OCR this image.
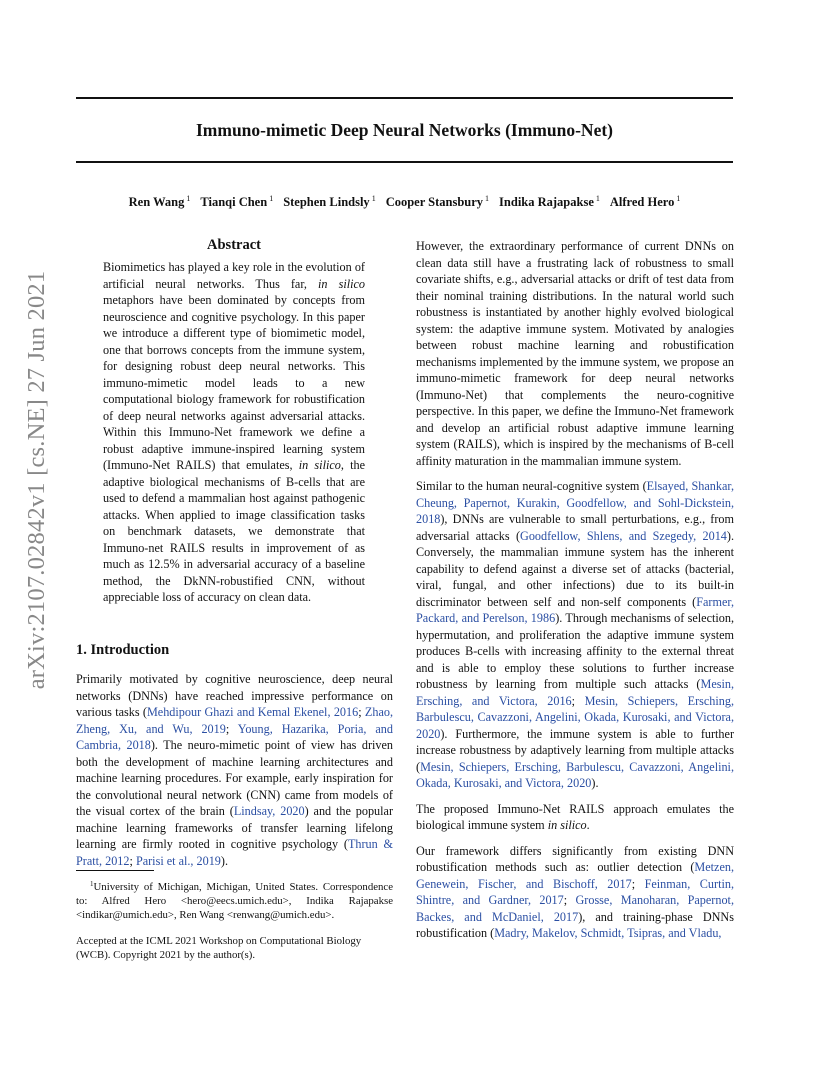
arXiv:2107.02842v1 [cs.NE] 27 Jun 2021
Immuno-mimetic Deep Neural Networks (Immuno-Net)
Ren Wang $^1$ Tianqi Chen $^1$ Stephen Lindsly $^1$ Cooper Stansbury $^1$ Indika Rajapakse $^1$ Alfred Hero $^1$
Abstract
Biomimetics has played a key role in the evolution of artificial neural networks. Thus far, in silico metaphors have been dominated by concepts from neuroscience and cognitive psychology. In this paper we introduce a different type of biomimetic model, one that borrows concepts from the immune system, for designing robust deep neural networks. This immuno-mimetic model leads to a new computational biology framework for robustification of deep neural networks against adversarial attacks. Within this Immuno-Net framework we define a robust adaptive immune-inspired learning system (Immuno-Net RAILS) that emulates, in silico, the adaptive biological mechanisms of B-cells that are used to defend a mammalian host against pathogenic attacks. When applied to image classification tasks on benchmark datasets, we demonstrate that Immuno-net RAILS results in improvement of as much as 12.5% in adversarial accuracy of a baseline method, the DkNN-robustified CNN, without appreciable loss of accuracy on clean data.
1. Introduction
Primarily motivated by cognitive neuroscience, deep neural networks (DNNs) have reached impressive performance on various tasks (Mehdipour Ghazi and Kemal Ekenel, 2016; Zhao, Zheng, Xu, and Wu, 2019; Young, Hazarika, Poria, and Cambria, 2018). The neuro-mimetic point of view has driven both the development of machine learning architectures and machine learning procedures. For example, early inspiration for the convolutional neural network (CNN) came from models of the visual cortex of the brain (Lindsay, 2020) and the popular machine learning frameworks of transfer learning lifelong learning are firmly rooted in cognitive psychology (Thrun & Pratt, 2012; Parisi et al., 2019).
$^1$University of Michigan, Michigan, United States. Correspondence to: Alfred Hero <hero@eecs.umich.edu>, Indika Rajapakse <indikar@umich.edu>, Ren Wang <renwang@umich.edu>.
Accepted at the ICML 2021 Workshop on Computational Biology (WCB). Copyright 2021 by the author(s).
However, the extraordinary performance of current DNNs on clean data still have a frustrating lack of robustness to small covariate shifts, e.g., adversarial attacks or drift of test data from their nominal training distributions. In the natural world such robustness is instantiated by another highly evolved biological system: the adaptive immune system. Motivated by analogies between robust machine learning and robustification mechanisms implemented by the immune system, we propose an immuno-mimetic framework for deep neural networks (Immuno-Net) that complements the neuro-cognitive perspective. In this paper, we define the Immuno-Net framework and develop an artificial robust adaptive immune learning system (RAILS), which is inspired by the mechanisms of B-cell affinity maturation in the mammalian immune system.
Similar to the human neural-cognitive system (Elsayed, Shankar, Cheung, Papernot, Kurakin, Goodfellow, and Sohl-Dickstein, 2018), DNNs are vulnerable to small perturbations, e.g., from adversarial attacks (Goodfellow, Shlens, and Szegedy, 2014). Conversely, the mammalian immune system has the inherent capability to defend against a diverse set of attacks (bacterial, viral, fungal, and other infections) due to its built-in discriminator between self and non-self components (Farmer, Packard, and Perelson, 1986). Through mechanisms of selection, hypermutation, and proliferation the adaptive immune system produces B-cells with increasing affinity to the external threat and is able to employ these solutions to further increase robustness by learning from multiple such attacks (Mesin, Ersching, and Victora, 2016; Mesin, Schiepers, Ersching, Barbulescu, Cavazzoni, Angelini, Okada, Kurosaki, and Victora, 2020). Furthermore, the immune system is able to further increase robustness by adaptively learning from multiple attacks (Mesin, Schiepers, Ersching, Barbulescu, Cavazzoni, Angelini, Okada, Kurosaki, and Victora, 2020).
The proposed Immuno-Net RAILS approach emulates the biological immune system in silico.
Our framework differs significantly from existing DNN robustification methods such as: outlier detection (Metzen, Genewein, Fischer, and Bischoff, 2017; Feinman, Curtin, Shintre, and Gardner, 2017; Grosse, Manoharan, Papernot, Backes, and McDaniel, 2017), and training-phase DNNs robustification (Madry, Makelov, Schmidt, Tsipras, and Vladu,
